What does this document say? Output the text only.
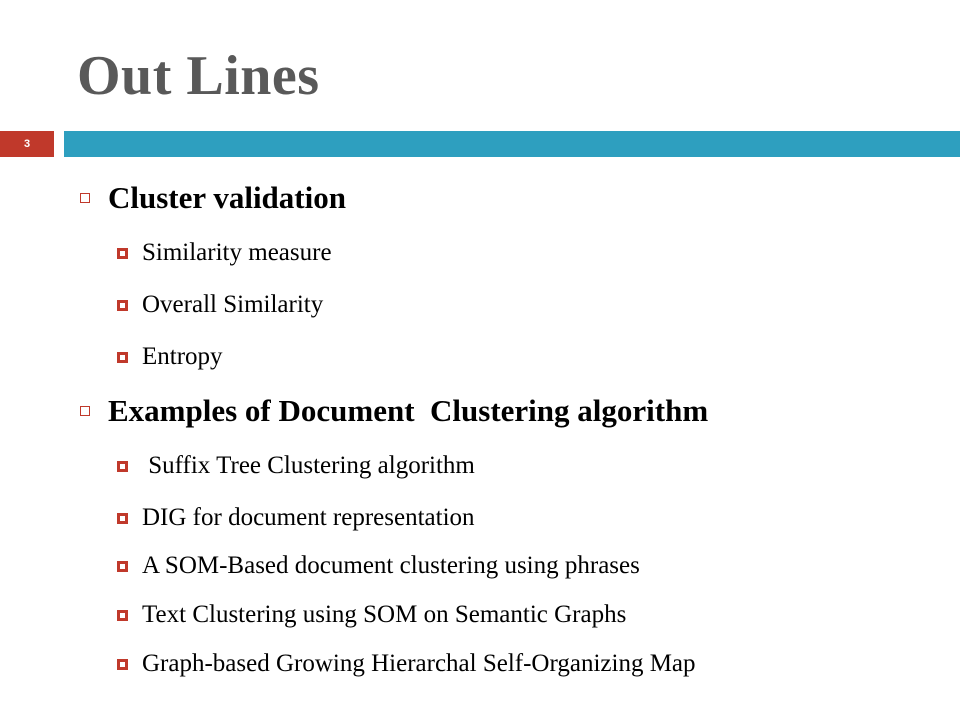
Out Lines
3
Cluster validation
Similarity measure
Overall Similarity
Entropy
Examples of Document  Clustering algorithm
Suffix Tree Clustering algorithm
DIG for document representation
A SOM-Based document clustering using phrases
Text Clustering using SOM on Semantic Graphs
Graph-based Growing Hierarchal Self-Organizing Map
